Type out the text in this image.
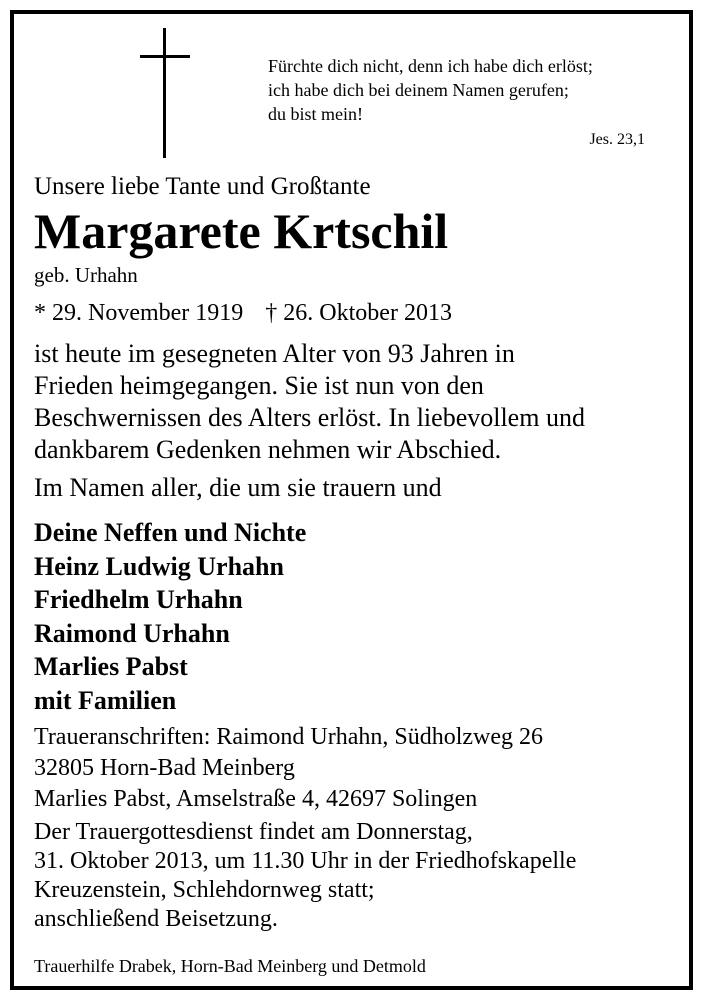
Fürchte dich nicht, denn ich habe dich erlöst;
ich habe dich bei deinem Namen gerufen;
du bist mein!
Jes. 23,1
Unsere liebe Tante und Großtante
Margarete Krtschil
geb. Urhahn
* 29. November 1919 † 26. Oktober 2013
ist heute im gesegneten Alter von 93 Jahren in
Frieden heimgegangen. Sie ist nun von den
Beschwernissen des Alters erlöst. In liebevollem und
dankbarem Gedenken nehmen wir Abschied.
Im Namen aller, die um sie trauern und
Deine Neffen und Nichte
Heinz Ludwig Urhahn
Friedhelm Urhahn
Raimond Urhahn
Marlies Pabst
mit Familien
Traueranschriften: Raimond Urhahn, Südholzweg 26
32805 Horn-Bad Meinberg
Marlies Pabst, Amselstraße 4, 42697 Solingen
Der Trauergottesdienst findet am Donnerstag,
31. Oktober 2013, um 11.30 Uhr in der Friedhofskapelle
Kreuzenstein, Schlehdornweg statt;
anschließend Beisetzung.
Trauerhilfe Drabek, Horn-Bad Meinberg und Detmold
